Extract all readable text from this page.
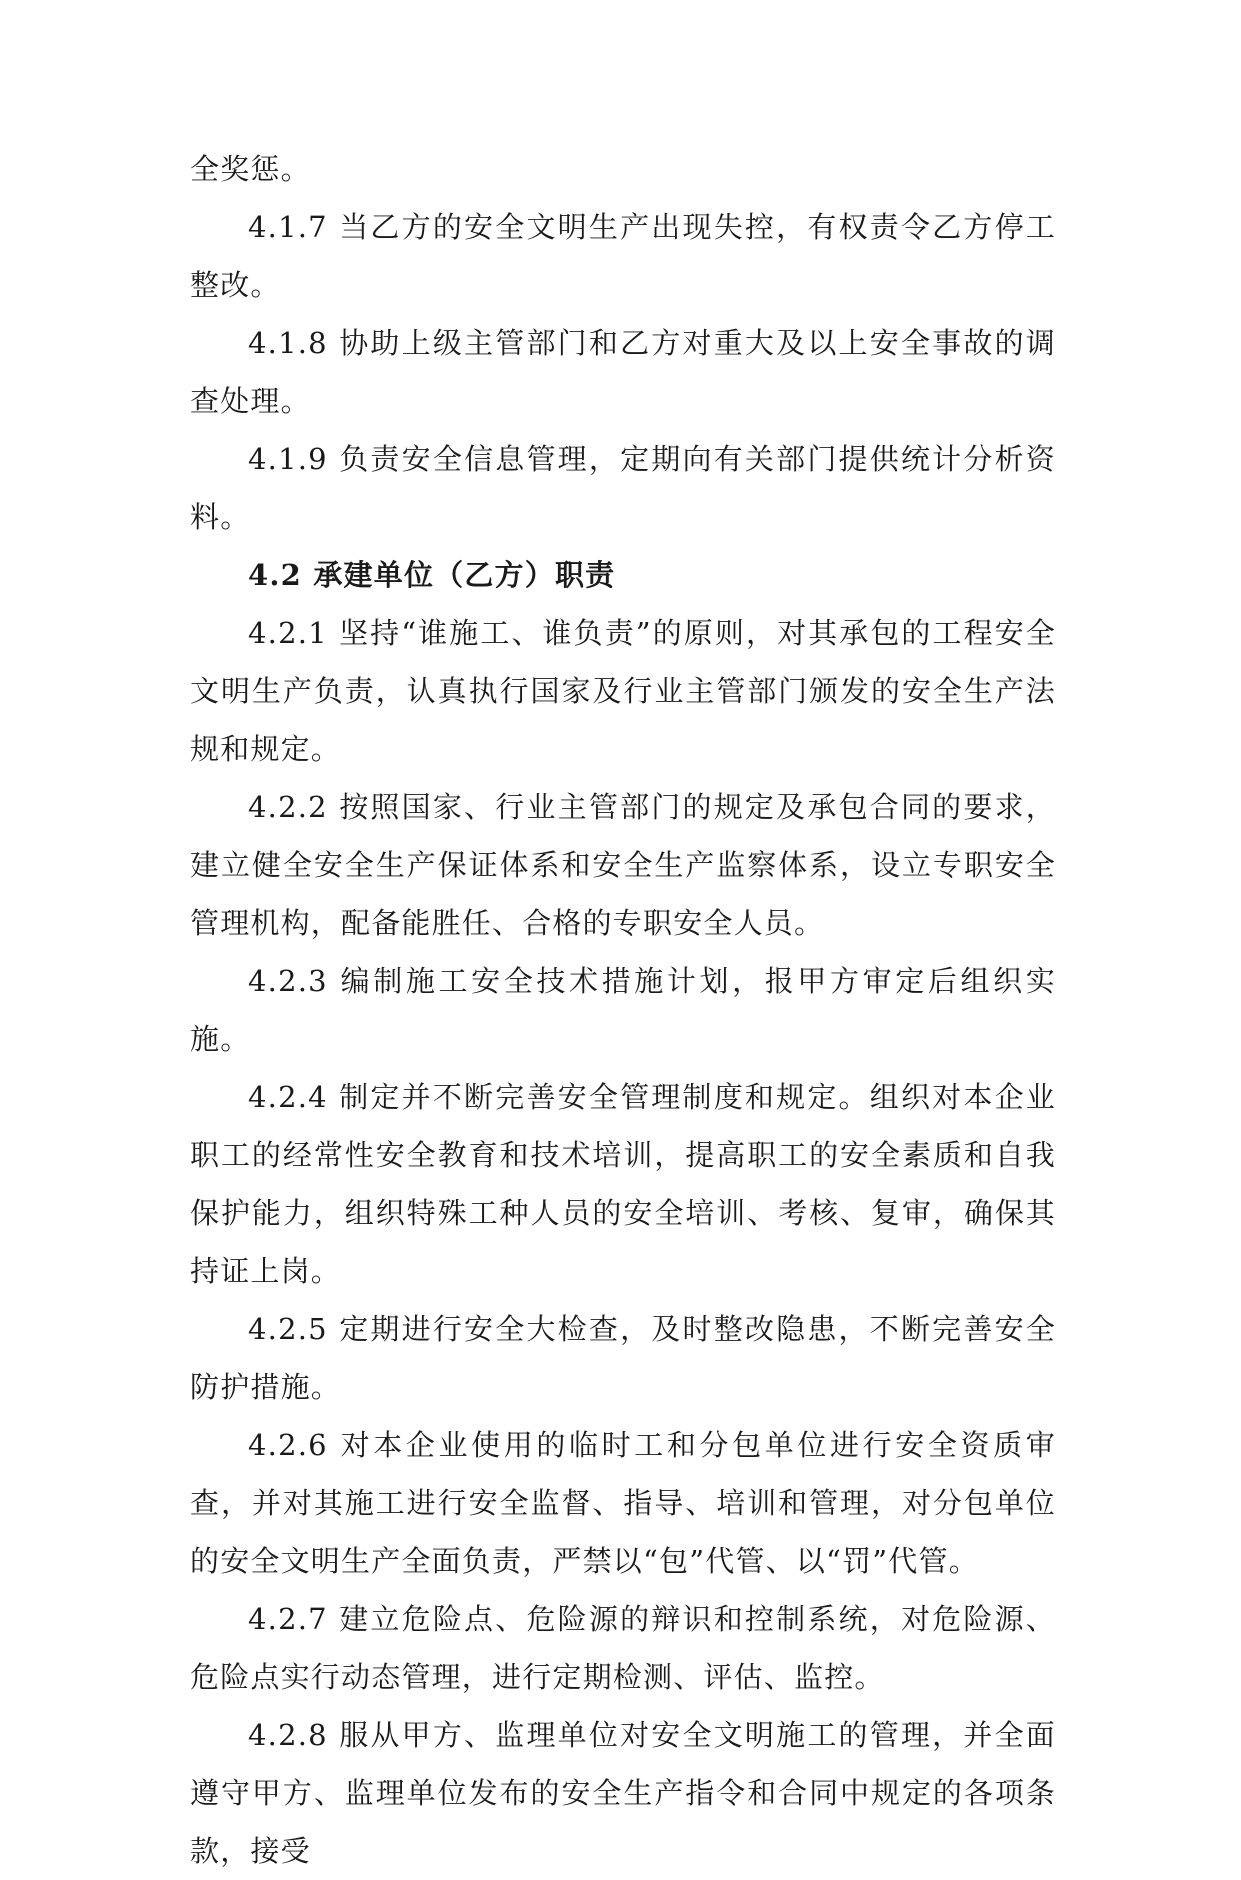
全奖惩。

4.1.7 当乙方的安全文明生产出现失控，有权责令乙方停工整改。

4.1.8 协助上级主管部门和乙方对重大及以上安全事故的调查处理。

4.1.9 负责安全信息管理，定期向有关部门提供统计分析资料。

4.2 承建单位（乙方）职责

4.2.1 坚持“谁施工、谁负责”的原则，对其承包的工程安全文明生产负责，认真执行国家及行业主管部门颁发的安全生产法规和规定。

4.2.2 按照国家、行业主管部门的规定及承包合同的要求，建立健全安全生产保证体系和安全生产监察体系，设立专职安全管理机构，配备能胜任、合格的专职安全人员。

4.2.3 编制施工安全技术措施计划，报甲方审定后组织实施。

4.2.4 制定并不断完善安全管理制度和规定。组织对本企业职工的经常性安全教育和技术培训，提高职工的安全素质和自我保护能力，组织特殊工种人员的安全培训、考核、复审，确保其持证上岗。

4.2.5 定期进行安全大检查，及时整改隐患，不断完善安全防护措施。

4.2.6 对本企业使用的临时工和分包单位进行安全资质审查，并对其施工进行安全监督、指导、培训和管理，对分包单位的安全文明生产全面负责，严禁以“包”代管、以“罚”代管。

4.2.7 建立危险点、危险源的辩识和控制系统，对危险源、危险点实行动态管理，进行定期检测、评估、监控。

4.2.8 服从甲方、监理单位对安全文明施工的管理，并全面遵守甲方、监理单位发布的安全生产指令和合同中规定的各项条款，接受
